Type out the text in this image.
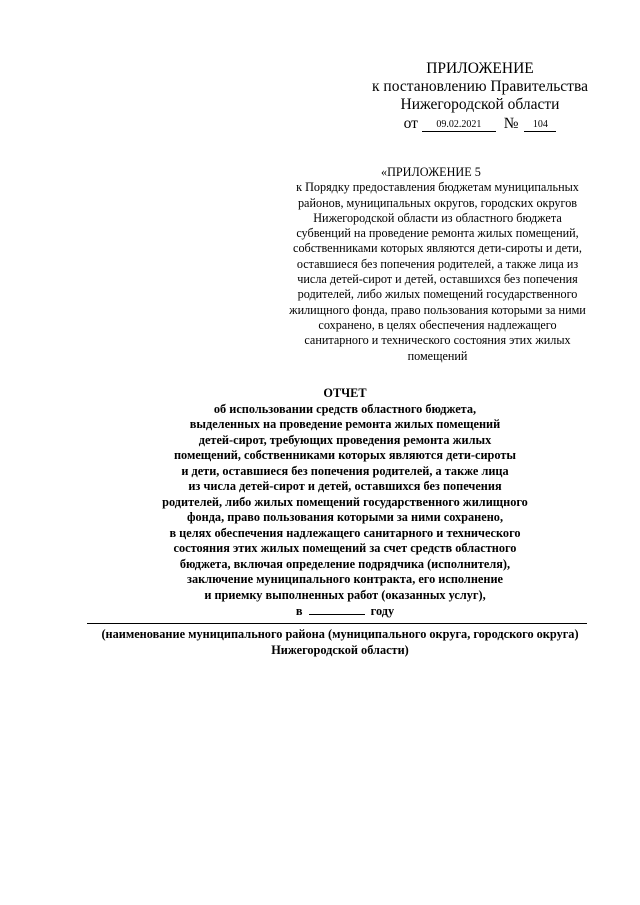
ПРИЛОЖЕНИЕ
к постановлению Правительства
Нижегородской области
от 09.02.2021 № 104
«ПРИЛОЖЕНИЕ 5
к Порядку предоставления бюджетам муниципальных
районов, муниципальных округов, городских округов
Нижегородской области из областного бюджета
субвенций на проведение ремонта жилых помещений,
собственниками которых являются дети-сироты и дети,
оставшиеся без попечения родителей, а также лица из
числа детей-сирот и детей, оставшихся без попечения
родителей, либо жилых помещений государственного
жилищного фонда, право пользования которыми за ними
сохранено, в целях обеспечения надлежащего
санитарного и технического состояния этих жилых
помещений
ОТЧЕТ
об использовании средств областного бюджета,
выделенных на проведение ремонта жилых помещений
детей-сирот, требующих проведения ремонта жилых
помещений, собственниками которых являются дети-сироты
и дети, оставшиеся без попечения родителей, а также лица
из числа детей-сирот и детей, оставшихся без попечения
родителей, либо жилых помещений государственного жилищного
фонда, право пользования которыми за ними сохранено,
в целях обеспечения надлежащего санитарного и технического
состояния этих жилых помещений за счет средств областного
бюджета, включая определение подрядчика (исполнителя),
заключение муниципального контракта, его исполнение
и приемку выполненных работ (оказанных услуг),
в	году
(наименование муниципального района (муниципального округа, городского округа)
Нижегородской области)
